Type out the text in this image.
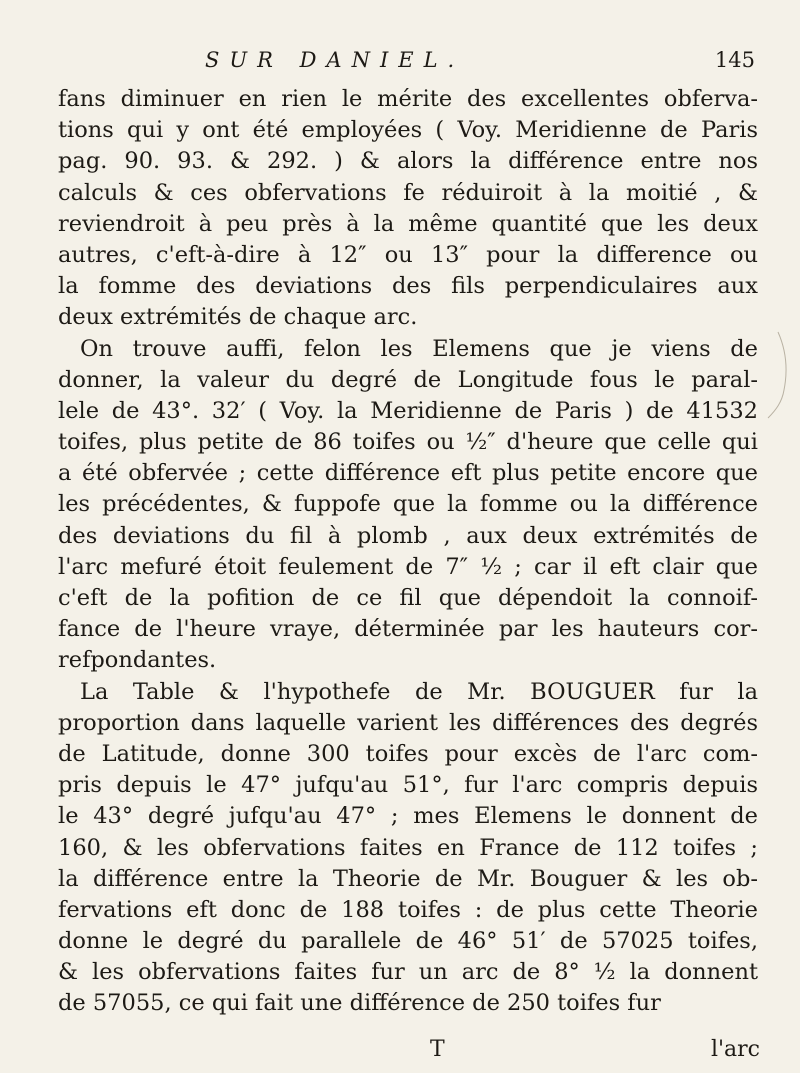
SUR DANIEL.	145
fans diminuer en rien le mérite des excellentes obferva-
tions qui y ont été employées ( Voy. Meridienne de Paris
pag. 90. 93. & 292. ) & alors la différence entre nos
calculs & ces obfervations fe réduiroit à la moitié , &
reviendroit à peu près à la même quantité que les deux
autres, c'eft-à-dire à 12″ ou 13″ pour la difference ou
la fomme des deviations des fils perpendiculaires aux
deux extrémités de chaque arc.
On trouve auffi, felon les Elemens que je viens de
donner, la valeur du degré de Longitude fous le paral-
lele de 43°. 32′ ( Voy. la Meridienne de Paris ) de 41532
toifes, plus petite de 86 toifes ou ½″ d'heure que celle qui
a été obfervée ; cette différence eft plus petite encore que
les précédentes, & fuppofe que la fomme ou la différence
des deviations du fil à plomb , aux deux extrémités de
l'arc mefuré étoit feulement de 7″ ½ ; car il eft clair que
c'eft de la pofition de ce fil que dépendoit la connoif-
fance de l'heure vraye, déterminée par les hauteurs cor-
refpondantes.
La Table & l'hypothefe de Mr. BOUGUER fur la
proportion dans laquelle varient les différences des degrés
de Latitude, donne 300 toifes pour excès de l'arc com-
pris depuis le 47° jufqu'au 51°, fur l'arc compris depuis
le 43° degré jufqu'au 47° ; mes Elemens le donnent de
160, & les obfervations faites en France de 112 toifes ;
la différence entre la Theorie de Mr. Bouguer & les ob-
fervations eft donc de 188 toifes : de plus cette Theorie
donne le degré du parallele de 46° 51′ de 57025 toifes,
& les obfervations faites fur un arc de 8° ½ la donnent
de 57055, ce qui fait une différence de 250 toifes fur
T	l'arc
